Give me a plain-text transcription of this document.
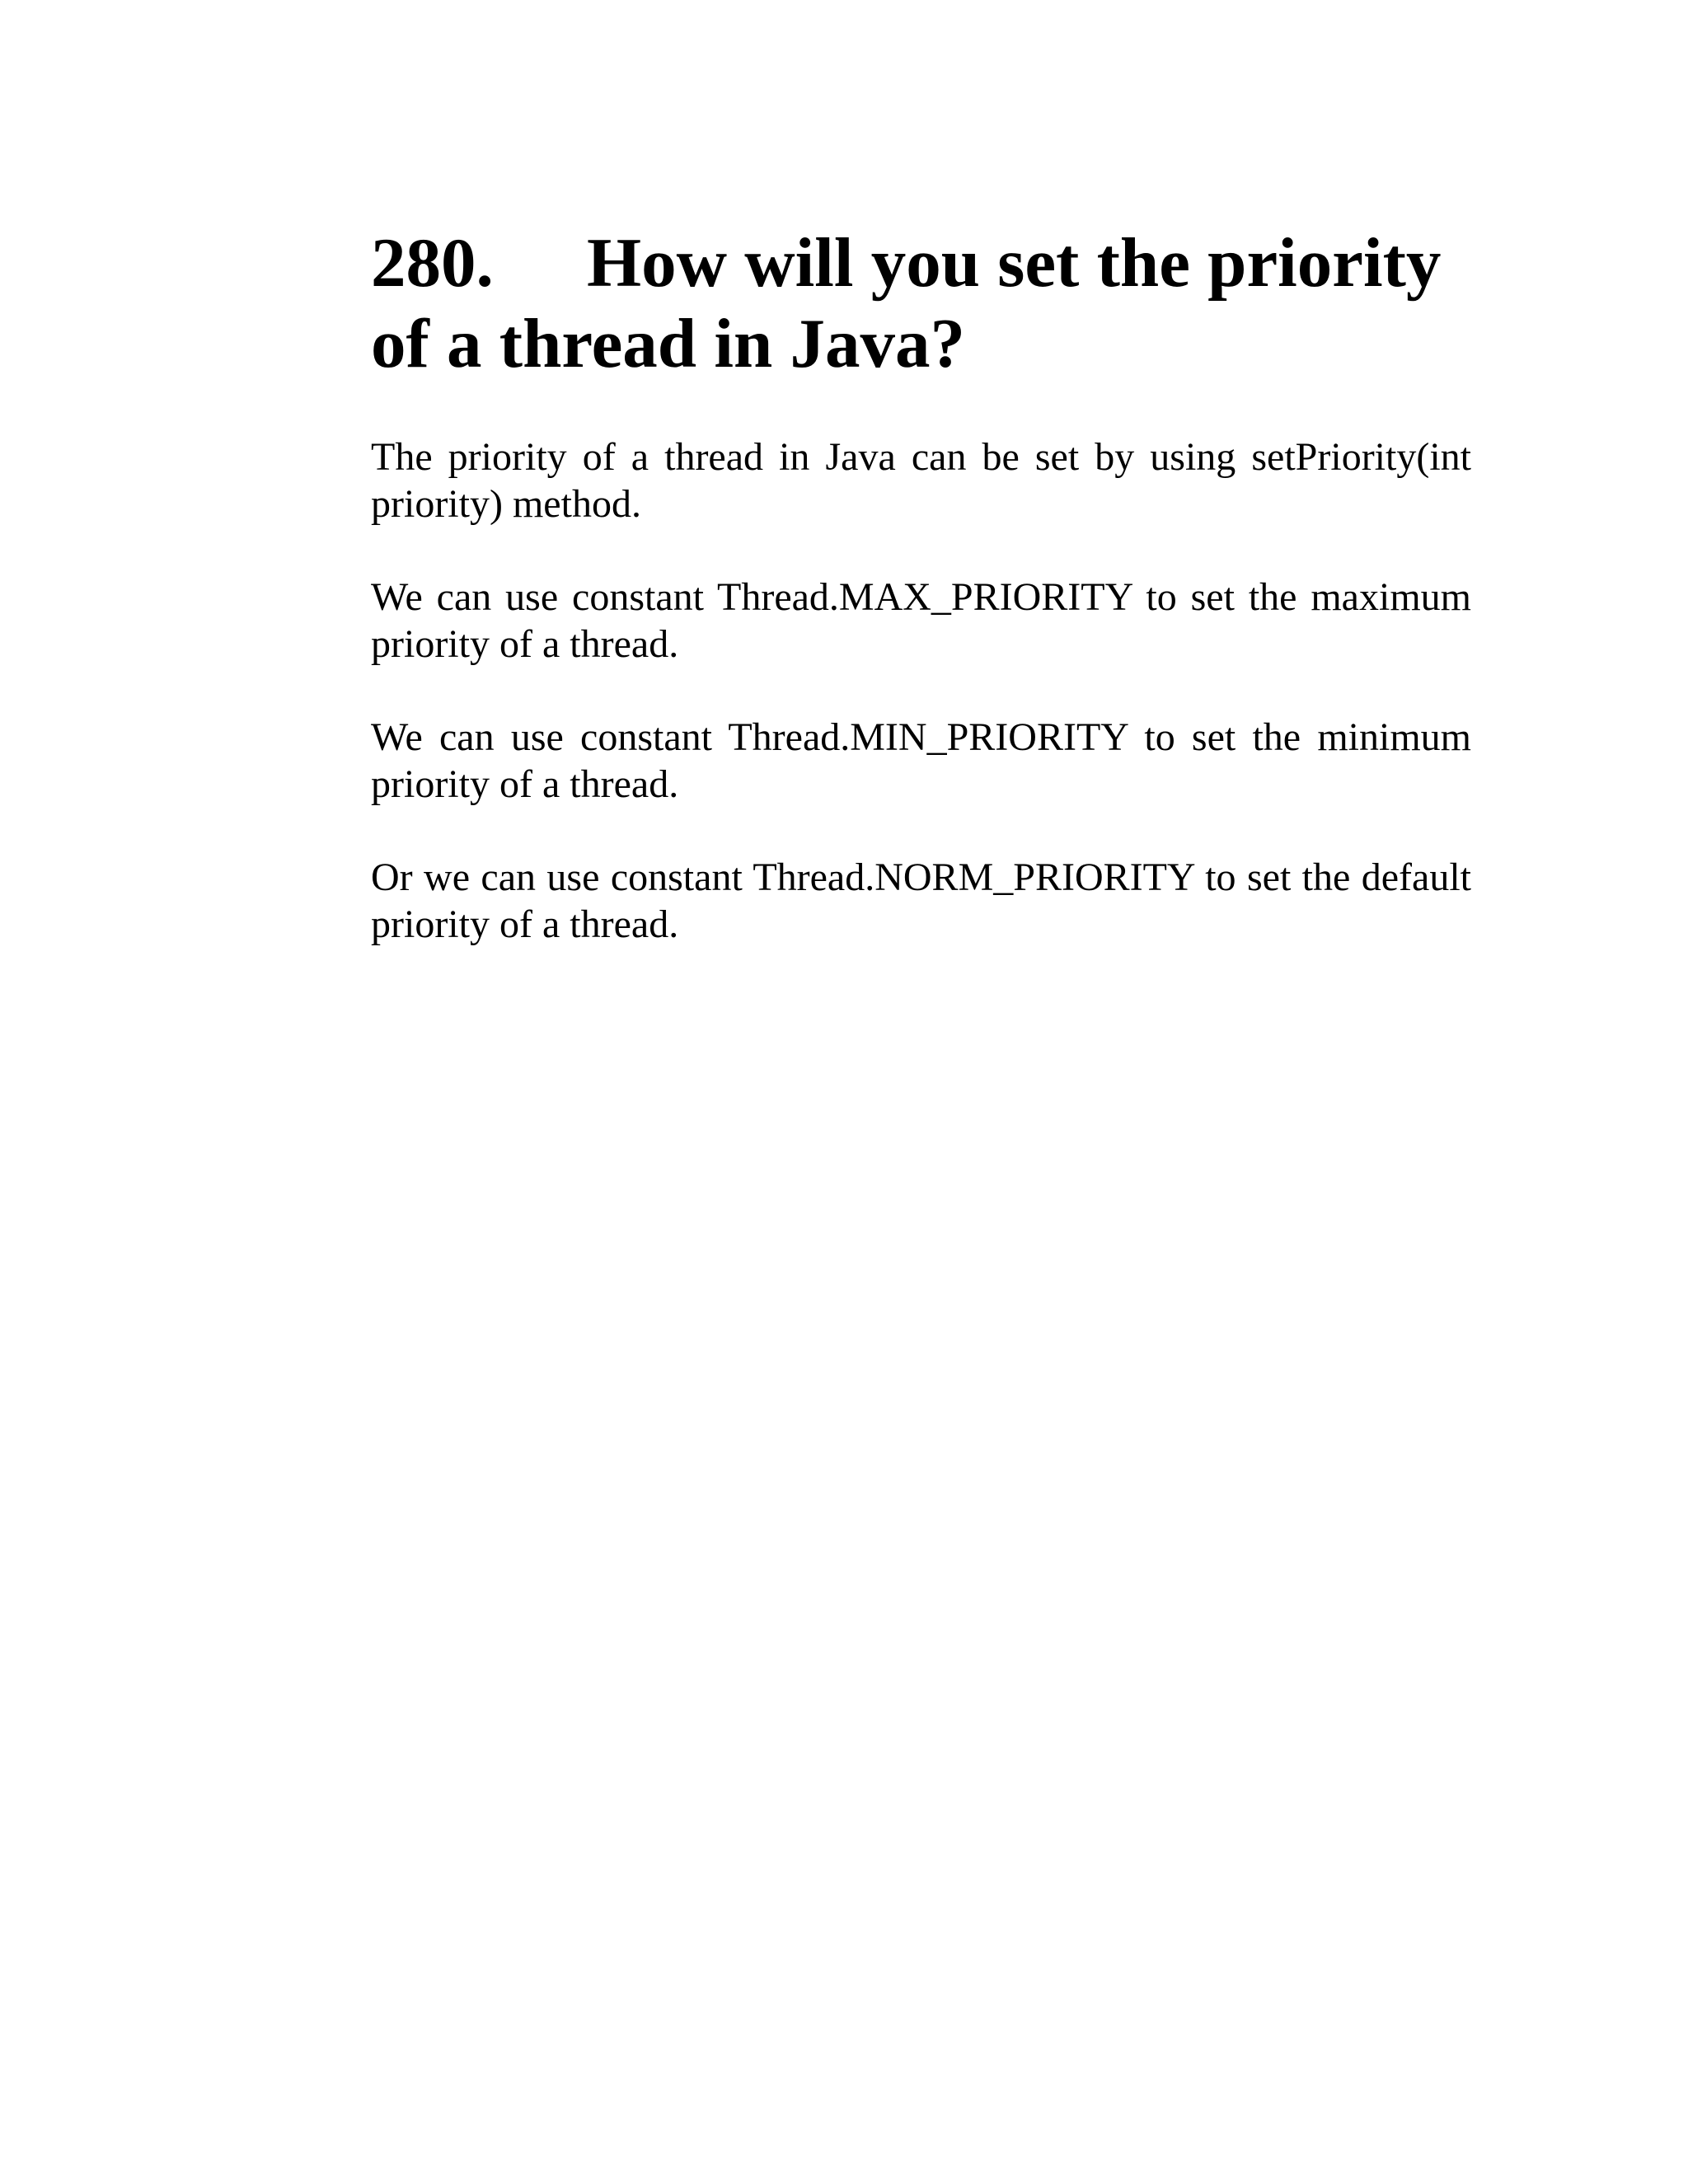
280. How will you set the priority of a thread in Java?

The priority of a thread in Java can be set by using setPriority(int priority) method.

We can use constant Thread.MAX_PRIORITY to set the maximum priority of a thread.

We can use constant Thread.MIN_PRIORITY to set the minimum priority of a thread.

Or we can use constant Thread.NORM_PRIORITY to set the default priority of a thread.
